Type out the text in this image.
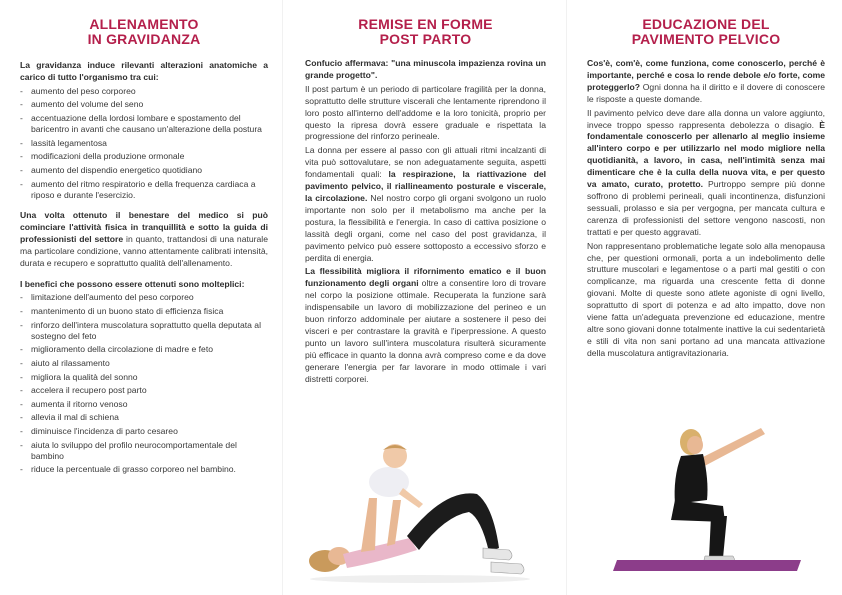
ALLENAMENTO
IN GRAVIDANZA

La gravidanza induce rilevanti alterazioni anatomiche a carico di tutto l'organismo tra cui:

- aumento del peso corporeo
- aumento del volume del seno
- accentuazione della lordosi lombare e spostamento del baricentro in avanti che causano un'alterazione della postura
- lassità legamentosa
- modificazioni della produzione ormonale
- aumento del dispendio energetico quotidiano
- aumento del ritmo respiratorio e della frequenza cardiaca a riposo e durante l'esercizio.

Una volta ottenuto il benestare del medico si può cominciare l'attività fisica in tranquillità e sotto la guida di professionisti del settore in quanto, trattandosi di una naturale ma particolare condizione, vanno attentamente calibrati intensità, durata e recupero e soprattutto qualità dell'allenamento.

I benefici che possono essere ottenuti sono molteplici:

- limitazione dell'aumento del peso corporeo
- mantenimento di un buono stato di efficienza fisica
- rinforzo dell'intera muscolatura soprattutto quella deputata al sostegno del feto
- miglioramento della circolazione di madre e feto
- aiuto al rilassamento
- migliora la qualità del sonno
- accelera il recupero post parto
- aumenta il ritorno venoso
- allevia il mal di schiena
- diminuisce l'incidenza di parto cesareo
- aiuta lo sviluppo del profilo neurocomportamentale del bambino
- riduce la percentuale di grasso corporeo nel bambino.
REMISE EN FORME
POST PARTO

Confucio affermava: "una minuscola impazienza rovina un grande progetto".

Il post partum è un periodo di particolare fragilità per la donna, soprattutto delle strutture viscerali che lentamente riprendono il loro posto all'interno dell'addome e la loro tonicità, proprio per questo la ripresa dovrà essere graduale e rispettata la progressione del rinforzo perineale.

La donna per essere al passo con gli attuali ritmi incalzanti di vita può sottovalutare, se non adeguatamente seguita, aspetti fondamentali quali: la respirazione, la riattivazione del pavimento pelvico, il riallineamento posturale e viscerale, la circolazione. Nel nostro corpo gli organi svolgono un ruolo importante non solo per il metabolismo ma anche per la postura, la flessibilità e l'energia. In caso di cattiva posizione o lassità degli organi, come nel caso del post gravidanza, il pavimento pelvico può essere sottoposto a eccessivo sforzo e perdita di energia.

La flessibilità migliora il rifornimento ematico e il buon funzionamento degli organi oltre a consentire loro di trovare nel corpo la posizione ottimale. Recuperata la funzione sarà indispensabile un lavoro di mobilizzazione del perineo e un buon rinforzo addominale per aiutare a sostenere il peso dei visceri e per contrastare la gravità e l'iperpressione. A questo punto un lavoro sull'intera muscolatura risulterà sicuramente più efficace in quanto la donna avrà compreso come e da dove generare l'energia per far lavorare in modo ottimale i vari distretti corporei.

EDUCAZIONE DEL
PAVIMENTO PELVICO

Cos'è, com'è, come funziona, come conoscerlo, perché è importante, perché e cosa lo rende debole e/o forte, come proteggerlo? Ogni donna ha il diritto e il dovere di conoscere le risposte a queste domande.

Il pavimento pelvico deve dare alla donna un valore aggiunto, invece troppo spesso rappresenta debolezza o disagio. È fondamentale conoscerlo per allenarlo al meglio insieme all'intero corpo e per utilizzarlo nel modo migliore nella quotidianità, a lavoro, in casa, nell'intimità senza mai dimenticare che è la culla della nuova vita, e per questo va amato, curato, protetto. Purtroppo sempre più donne soffrono di problemi perineali, quali incontinenza, disfunzioni sessuali, prolasso e sia per vergogna, per mancata cultura e carenza di professionisti del settore vengono nascosti, non trattati e per questo aggravati.

Non rappresentano problematiche legate solo alla menopausa che, per questioni ormonali, porta a un indebolimento delle strutture muscolari e legamentose o a parti mal gestiti o con complicanze, ma riguarda una crescente fetta di donne giovani. Molte di queste sono atlete agoniste di ogni livello, soprattutto di sport di potenza e ad alto impatto, dove non viene fatta un'adeguata prevenzione ed educazione, mentre altre sono giovani donne totalmente inattive la cui sedentarietà e stili di vita non sani portano ad una mancata attivazione della muscolatura antigravitazionaria.
